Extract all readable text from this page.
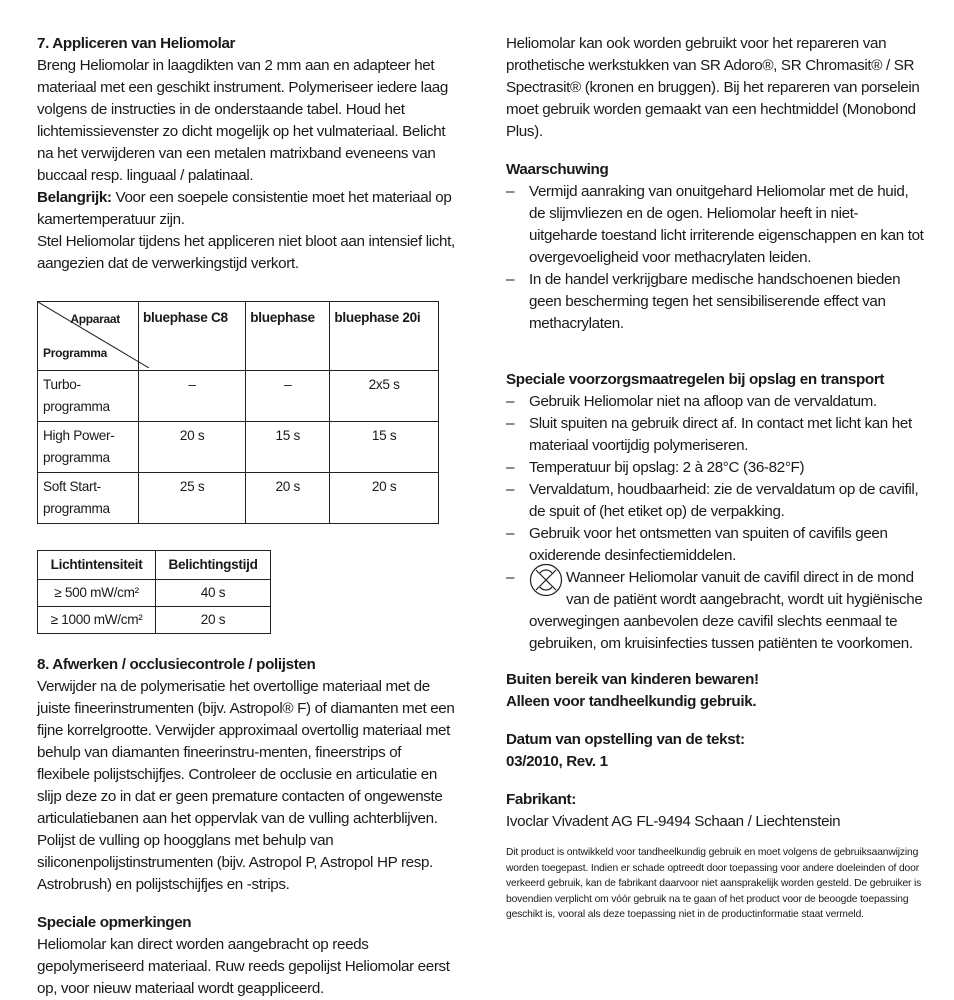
7. Appliceren van Heliomolar

Breng Heliomolar in laagdikten van 2 mm aan en adapteer het materiaal met een geschikt instrument. Polymeriseer iedere laag volgens de instructies in de onderstaande tabel. Houd het lichtemissievenster zo dicht mogelijk op het vulmateriaal. Belicht na het verwijderen van een metalen matrixband eveneens van buccaal resp. linguaal / palatinaal.

Belangrijk: Voor een soepele consistentie moet het materiaal op kamertemperatuur zijn.

Stel Heliomolar tijdens het appliceren niet bloot aan intensief licht, aangezien dat de verwerkingstijd verkort.

Apparaat
Programma	bluephase C8	bluephase	bluephase 20i
Turbo-programma	–	–	2x5 s
High Power-programma	20 s	15 s	15 s
Soft Start-programma	25 s	20 s	20 s
Lichtintensiteit	Belichtingstijd
≥ 500 mW/cm²	40 s
≥ 1000 mW/cm²	20 s

8. Afwerken / occlusiecontrole / polijsten

Verwijder na de polymerisatie het overtollige materiaal met de juiste fineerinstrumenten (bijv. Astropol® F) of diamanten met een fijne korrelgrootte. Verwijder approximaal overtollig materiaal met behulp van diamanten fineerinstru-menten, fineerstrips of flexibele polijstschijfjes. Controleer de occlusie en articulatie en slijp deze zo in dat er geen prematurе contacten of ongewenste articulatiebanen aan het oppervlak van de vulling achterblijven. Polijst de vulling op hoogglans met behulp van siliconenpolijstinstrumenten (bijv. Astropol P, Astropol HP resp. Astrobrush) en polijstschijfjes en -strips.

Speciale opmerkingen

Heliomolar kan direct worden aangebracht op reeds gepolymeriseerd materiaal. Ruw reeds gepolijst Heliomolar eerst op, voor nieuw materiaal wordt geappliceerd.

Heliomolar kan ook worden gebruikt voor het repareren van prothetische werkstukken van SR Adoro®, SR Chromasit® / SR Spectrasit® (kronen en bruggen). Bij het repareren van porselein moet gebruik worden gemaakt van een hechtmiddel (Monobond Plus).

Waarschuwing

– Vermijd aanraking van onuitgehard Heliomolar met de huid, de slijmvliezen en de ogen. Heliomolar heeft in niet-uitgeharde toestand licht irriterende eigenschappen en kan tot overgevoeligheid voor methacrylaten leiden.
– In de handel verkrijgbare medische handschoenen bieden geen bescherming tegen het sensibiliserende effect van methacrylaten.

Speciale voorzorgsmaatregelen bij opslag en transport

– Gebruik Heliomolar niet na afloop van de vervaldatum.
– Sluit spuiten na gebruik direct af. In contact met licht kan het materiaal voortijdig polymeriseren.
– Temperatuur bij opslag: 2 à 28°C (36-82°F)
– Vervaldatum, houdbaarheid: zie de vervaldatum op de cavifil, de spuit of (het etiket op) de verpakking.
– Gebruik voor het ontsmetten van spuiten of cavifils geen oxiderende desinfectiemiddelen.
– Wanneer Heliomolar vanuit de cavifil direct in de mond van de patiënt wordt aangebracht, wordt uit hygiënische overwegingen aanbevolen deze cavifil slechts eenmaal te gebruiken, om kruisinfecties tussen patiënten te voorkomen.

Buiten bereik van kinderen bewaren!
Alleen voor tandheelkundig gebruik.

Datum van opstelling van de tekst:
03/2010, Rev. 1

Fabrikant:

Ivoclar Vivadent AG FL-9494 Schaan / Liechtenstein

Dit product is ontwikkeld voor tandheelkundig gebruik en moet volgens de gebruiksaanwijzing worden toegepast. Indien er schade optreedt door toepassing voor andere doeleinden of door verkeerd gebruik, kan de fabrikant daarvoor niet aansprakelijk worden gesteld. De gebruiker is bovendien verplicht om vóór gebruik na te gaan of het product voor de beoogde toepassing geschikt is, vooral als deze toepassing niet in de productinformatie staat vermeld.
